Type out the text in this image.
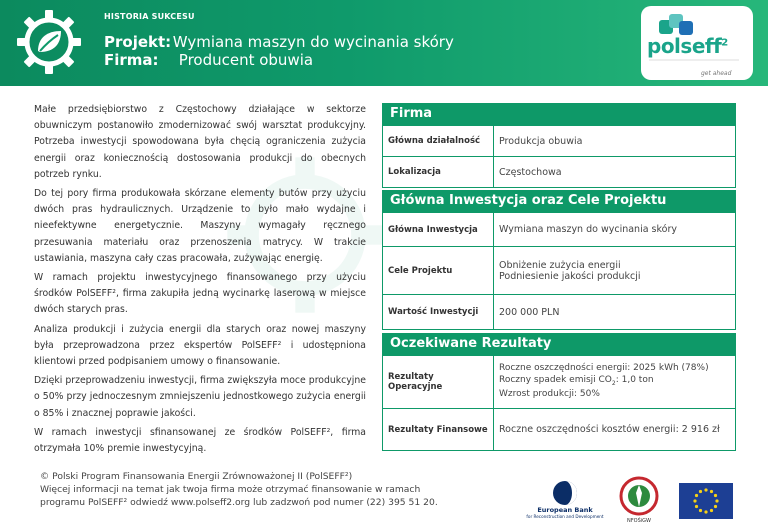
HISTORIA SUKCESU
Projekt: Wymiana maszyn do wycinania skóry
Firma: Producent obuwia
polseff$^2$
get ahead

Małe przedsiębiorstwo z Częstochowy działające w sektorze obuwniczym postanowiło zmodernizować swój warsztat produkcyjny. Potrzeba inwestycji spowodowana była chęcią ograniczenia zużycia energii oraz koniecznością dostosowania produkcji do obecnych potrzeb rynku.

Do tej pory firma produkowała skórzane elementy butów przy użyciu dwóch pras hydraulicznych. Urządzenie to było mało wydajne i nieefektywne energetycznie. Maszyny wymagały ręcznego przesuwania materiału oraz przenoszenia matrycy. W trakcie ustawiania, maszyna cały czas pracowała, zużywając energię.

W ramach projektu inwestycyjnego finansowanego przy użyciu środków PolSEFF², firma zakupiła jedną wycinarkę laserową w miejsce dwóch starych pras.

Analiza produkcji i zużycia energii dla starych oraz nowej maszyny była przeprowadzona przez ekspertów PolSEFF² i udostępniona klientowi przed podpisaniem umowy o finansowanie.

Dzięki przeprowadzeniu inwestycji, firma zwiększyła moce produkcyjne o 50% przy jednoczesnym zmniejszeniu jednostkowego zużycia energii o 85% i znacznej poprawie jakości.

W ramach inwestycji sfinansowanej ze środków PolSEFF², firma otrzymała 10% premie inwestycyjną.

Firma
Główna działalność	Produkcja obuwia
Lokalizacja	Częstochowa
Główna Inwestycja oraz Cele Projektu
Główna Inwestycja	Wymiana maszyn do wycinania skóry
Cele Projektu	Obniżenie zużycia energii
Podniesienie jakości produkcji

Wartość Inwestycji	200 000 PLN
Oczekiwane Rezultaty
Rezultaty Operacyjne	Roczne oszczędności energii: 2025 kWh (78%)
Roczny spadek emisji $CO_2$: 1,0 ton
Wzrost produkcji: 50%

Rezultaty Finansowe	Roczne oszczędności kosztów energii: 2 916 zł
© Polski Program Finansowania Energii Zrównoważonej II (PolSEFF²)
Więcej informacji na temat jak twoja firma może otrzymać finansowanie w ramach
programu PolSEFF² odwiedź www.polseff2.org lub zadzwoń pod numer (22) 395 51 20.
European Bank
for Reconstruction and Development
NFOŚiGW
